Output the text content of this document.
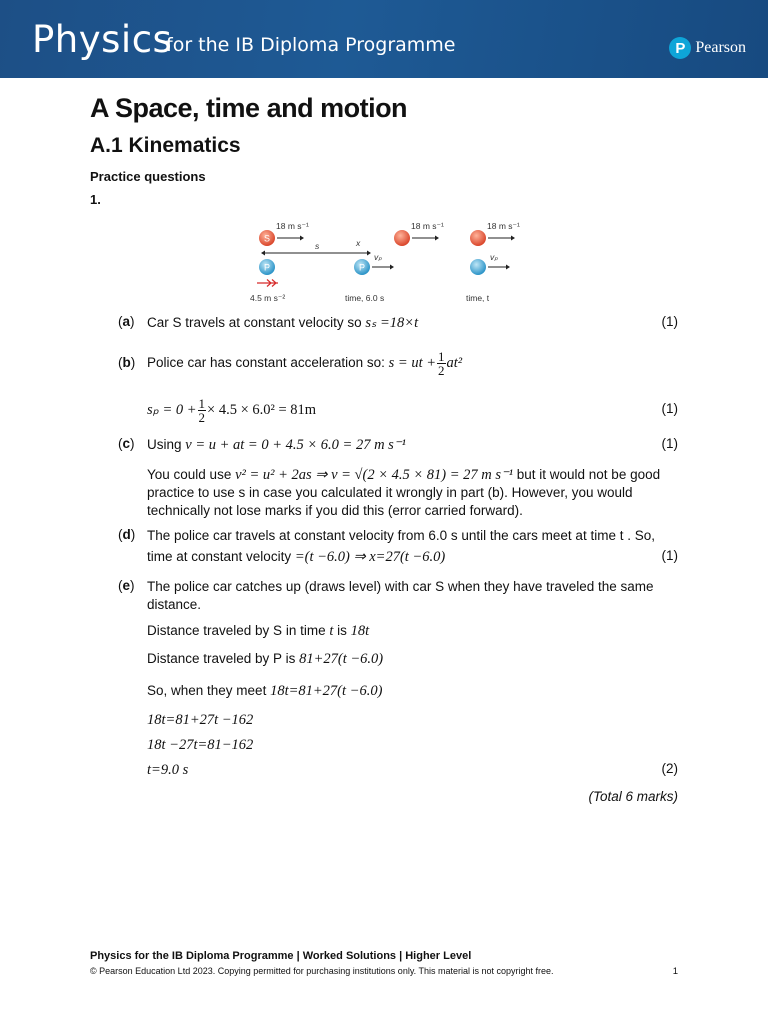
Physics
for the IB Diploma Programme	P Pearson
A Space, time and motion
A.1 Kinematics
Practice questions
1.
S
18 m s⁻¹	18 m s⁻¹	18 m s⁻¹
s	x
P
4.5 m s⁻²
P
vₚ
time, 6.0 s
vₚ
time, t
(a) Car S travels at constant velocity so sₛ =18×t	(1)
(b) Police car has constant acceleration so: s = ut + $\frac{1}{2} at^2$
$s_p = 0 + \frac{1}{2} \times 4.5 \times 6.0^2 = 81m$	(1)
(c) Using v = u + at = 0 + 4.5 × 6.0 = 27 m s⁻¹	(1)
You could use v² = u² + 2as ⇒ v = √(2 × 4.5 × 81) = 27 m s⁻¹ but it would not be good
practice to use s in case you calculated it wrongly in part (b). However, you would
technically not lose marks if you did this (error carried forward).
(d) The police car travels at constant velocity from 6.0 s until the cars meet at time t . So,
time at constant velocity =(t −6.0) ⇒ x=27(t −6.0)	(1)
(e) The police car catches up (draws level) with car S when they have traveled the same
distance.
Distance traveled by S in time t is 18t
Distance traveled by P is 81+27(t −6.0)
So, when they meet 18t=81+27(t −6.0)
18t=81+27t −162
18t −27t=81−162
t=9.0 s	(2)
(Total 6 marks)
Physics for the IB Diploma Programme | Worked Solutions | Higher Level
© Pearson Education Ltd 2023. Copying permitted for purchasing institutions only. This material is not copyright free.	1
